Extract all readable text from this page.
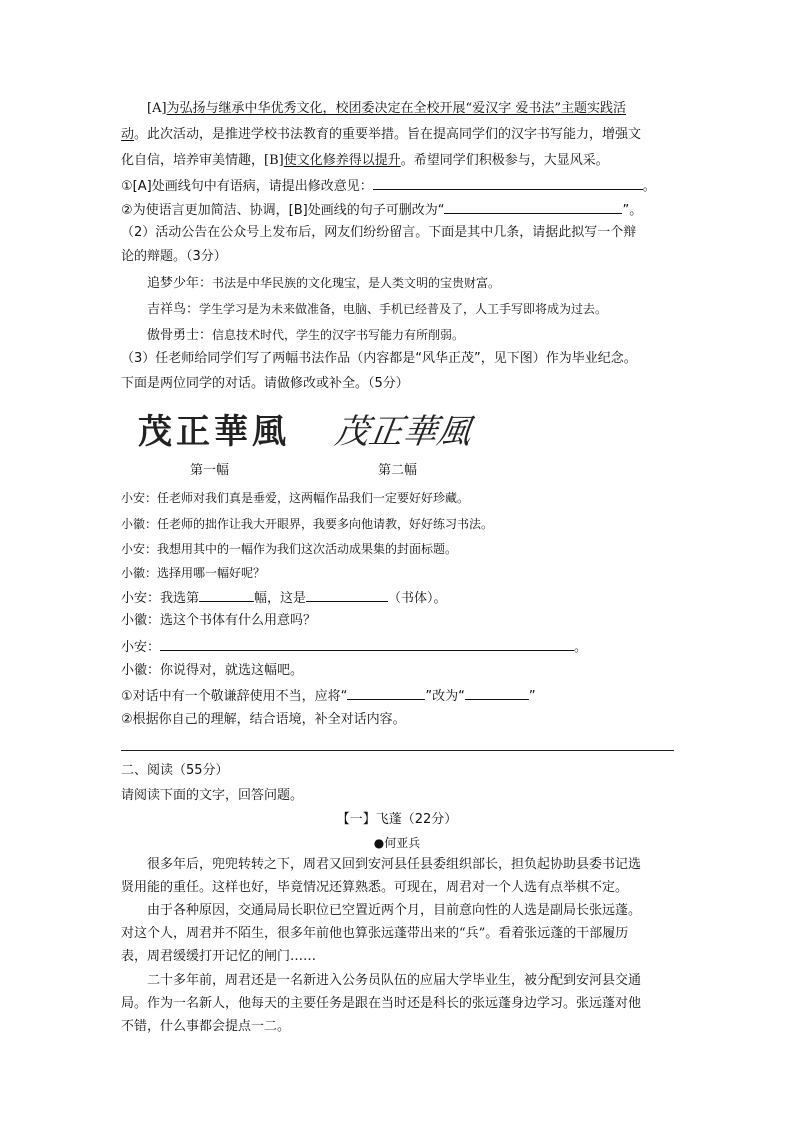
[A]为弘扬与继承中华优秀文化，校团委决定在全校开展“爱汉字 爱书法”主题实践活
动。此次活动，是推进学校书法教育的重要举措。旨在提高同学们的汉字书写能力，增强文
化自信，培养审美情趣，[B]使文化修养得以提升。希望同学们积极参与，大显风采。
①[A]处画线句中有语病，请提出修改意见：	。
②为使语言更加简洁、协调，[B]处画线的句子可删改为“	”。
（2）活动公告在公众号上发布后，网友们纷纷留言。下面是其中几条，请据此拟写一个辩
论的辩题。（3分）
追梦少年：书法是中华民族的文化瑰宝，是人类文明的宝贵财富。
吉祥鸟：学生学习是为未来做准备，电脑、手机已经普及了，人工手写即将成为过去。
傲骨勇士：信息技术时代，学生的汉字书写能力有所削弱。
（3）任老师给同学们写了两幅书法作品（内容都是“风华正茂”，见下图）作为毕业纪念。
下面是两位同学的对话。请做修改或补全。（5分）
茂正華風 茂正華風
第一幅	第二幅
小安：任老师对我们真是垂爱，这两幅作品我们一定要好好珍藏。
小徽：任老师的拙作让我大开眼界，我要多向他请教，好好练习书法。
小安：我想用其中的一幅作为我们这次活动成果集的封面标题。
小徽：选择用哪一幅好呢？
小安：我选第	幅，这是	（书体）。
小徽：选这个书体有什么用意吗？
小安：	。
小徽：你说得对，就选这幅吧。
①对话中有一个敬谦辞使用不当，应将“	”改为“	”
②根据你自己的理解，结合语境，补全对话内容。
二、阅读（55分）
请阅读下面的文字，回答问题。
【一】飞蓬（22分）
●何亚兵
很多年后，兜兜转转之下，周君又回到安河县任县委组织部长，担负起协助县委书记选
贤用能的重任。这样也好，毕竟情况还算熟悉。可现在，周君对一个人选有点举棋不定。
由于各种原因，交通局局长职位已空置近两个月，目前意向性的人选是副局长张远蓬。
对这个人，周君并不陌生，很多年前他也算张远蓬带出来的“兵”。看着张远蓬的干部履历
表，周君缓缓打开记忆的闸门……
二十多年前，周君还是一名新进入公务员队伍的应届大学毕业生，被分配到安河县交通
局。作为一名新人，他每天的主要任务是跟在当时还是科长的张远蓬身边学习。张远蓬对他
不错，什么事都会提点一二。
